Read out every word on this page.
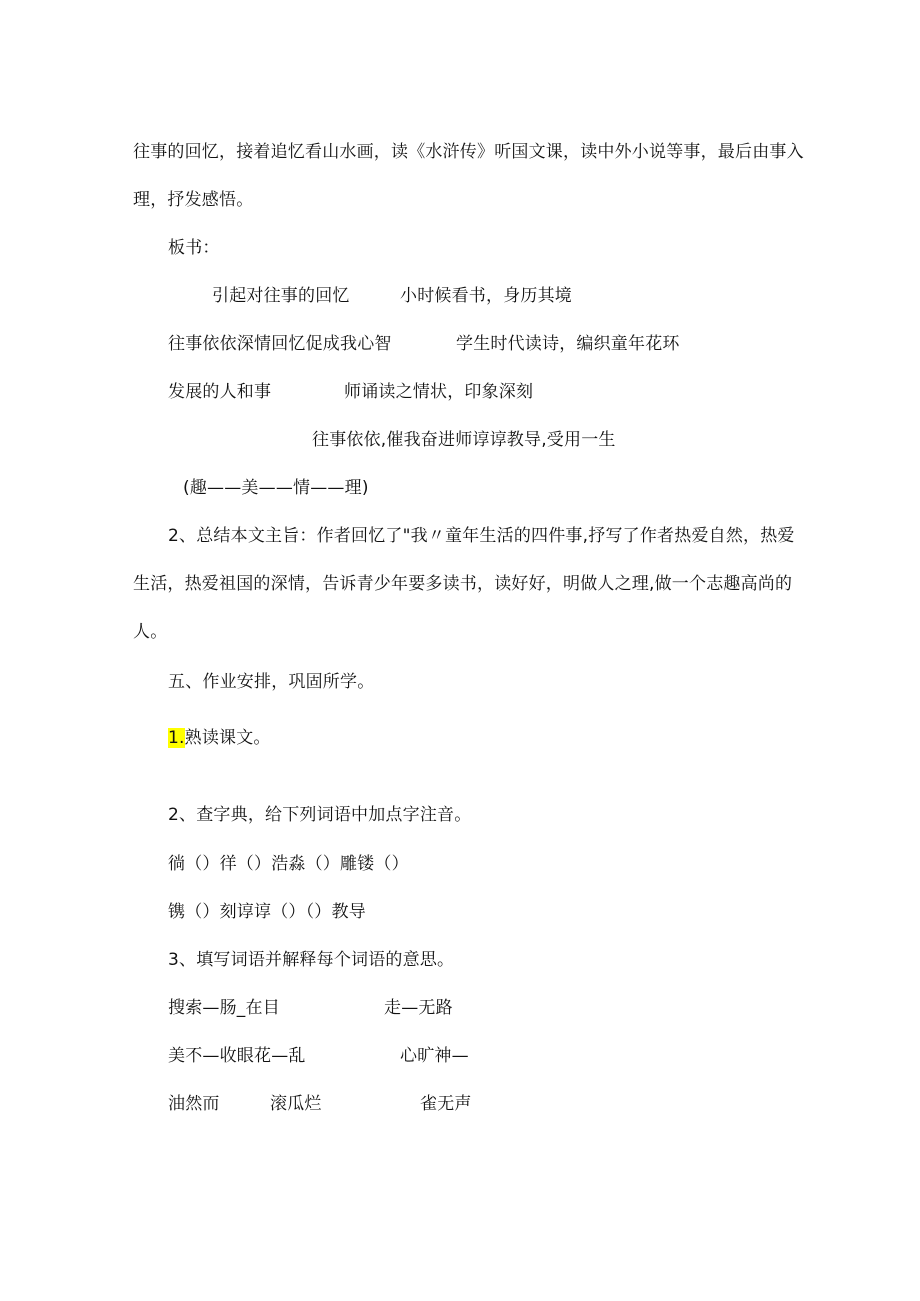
往事的回忆，接着追忆看山水画，读《水浒传》听国文课，读中外小说等事，最后由事入
理，抒发感悟。
板书：
引起对往事的回忆	小时候看书，身历其境
往事依依深情回忆促成我心智	学生时代读诗，编织童年花环
发展的人和事	师诵读之情状，印象深刻
往事依依,催我奋进师谆谆教导,受用一生
(趣——美——情——理)
2、总结本文主旨：作者回忆了"我〃童年生活的四件事,抒写了作者热爱自然，热爱
生活，热爱祖国的深情，告诉青少年要多读书，读好好，明做人之理,做一个志趣高尚的
人。
五、作业安排，巩固所学。
1.熟读课文。
2、查字典，给下列词语中加点字注音。
徜（）徉（）浩淼（）雕镂（）
镌（）刻谆谆（）（）教导
3、填写词语并解释每个词语的意思。
搜索—肠_在目	走—无路
美不—收眼花—乱	心旷神—
油然而	滚瓜烂	雀无声
